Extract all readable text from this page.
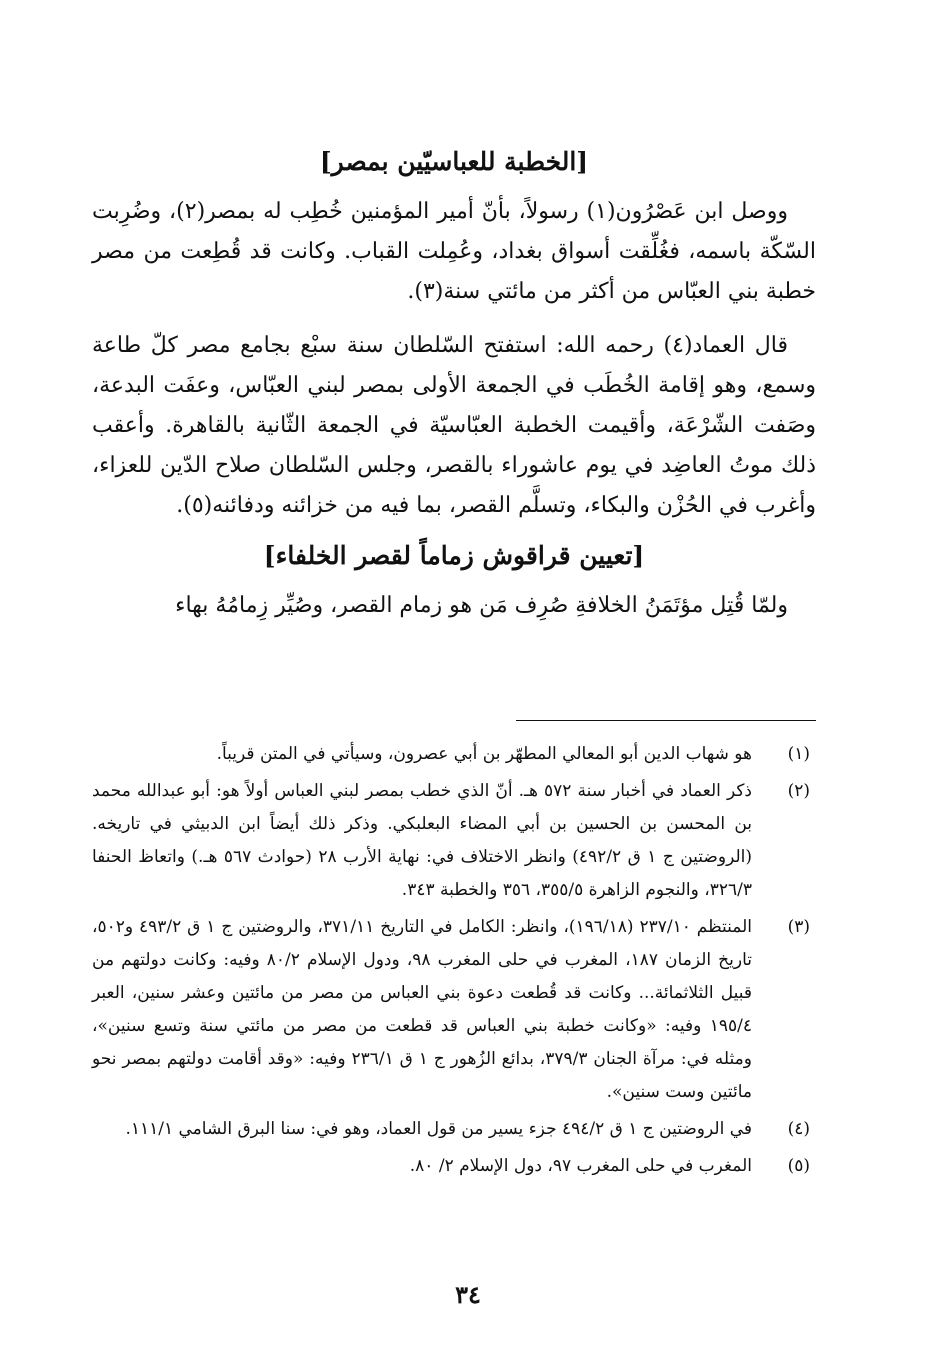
[الخطبة للعباسيّين بمصر]

ووصل ابن عَصْرُون(١) رسولاً، بأنّ أمير المؤمنين خُطِب له بمصر(٢)، وضُرِبت السّكّة باسمه، فغُلِّقت أسواق بغداد، وعُمِلت القباب. وكانت قد قُطِعت من مصر خطبة بني العبّاس من أكثر من مائتي سنة(٣).

قال العماد(٤) رحمه الله: استفتح السّلطان سنة سبْع بجامع مصر كلّ طاعة وسمع، وهو إقامة الخُطَب في الجمعة الأولى بمصر لبني العبّاس، وعفَت البدعة، وصَفت الشّرْعَة، وأقيمت الخطبة العبّاسيّة في الجمعة الثّانية بالقاهرة. وأعقب ذلك موتُ العاضِد في يوم عاشوراء بالقصر، وجلس السّلطان صلاح الدّين للعزاء، وأغرب في الحُزْن والبكاء، وتسلَّم القصر، بما فيه من خزائنه ودفائنه(٥).

[تعيين قراقوش زماماً لقصر الخلفاء]

ولمّا قُتِل مؤتَمَنُ الخلافةِ صُرِف مَن هو زمام القصر، وصُيِّر زِمامُهُ بهاء

(١)
هو شهاب الدين أبو المعالي المطهّر بن أبي عصرون، وسيأتي في المتن قريباً.
(٢)
ذكر العماد في أخبار سنة ٥٧٢ هـ. أنّ الذي خطب بمصر لبني العباس أولاً هو: أبو عبدالله محمد بن المحسن بن الحسين بن أبي المضاء البعلبكي. وذكر ذلك أيضاً ابن الدبيثي في تاريخه. (الروضتين ج ١ ق ٤٩٢/٢) وانظر الاختلاف في: نهاية الأرب ٢٨ (حوادث ٥٦٧ هـ.) واتعاظ الحنفا ٣٢٦/٣، والنجوم الزاهرة ٣٥٥/٥، ٣٥٦ والخطبة ٣٤٣.
(٣)
المنتظم ٢٣٧/١٠ (١٩٦/١٨)، وانظر: الكامل في التاريخ ٣٧١/١١، والروضتين ج ١ ق ٤٩٣/٢ و٥٠٢، تاريخ الزمان ١٨٧، المغرب في حلى المغرب ٩٨، ودول الإسلام ٨٠/٢ وفيه: وكانت دولتهم من قبيل الثلاثمائة... وكانت قد قُطعت دعوة بني العباس من مصر من مائتين وعشر سنين، العبر ١٩٥/٤ وفيه: «وكانت خطبة بني العباس قد قطعت من مصر من مائتي سنة وتسع سنين»، ومثله في: مرآة الجنان ٣٧٩/٣، بدائع الزُهور ج ١ ق ٢٣٦/١ وفيه: «وقد أقامت دولتهم بمصر نحو مائتين وست سنين».
(٤)
في الروضتين ج ١ ق ٤٩٤/٢ جزء يسير من قول العماد، وهو في: سنا البرق الشامي ١١١/١.
(٥)
المغرب في حلى المغرب ٩٧، دول الإسلام ٢/ ٨٠.
٣٤
